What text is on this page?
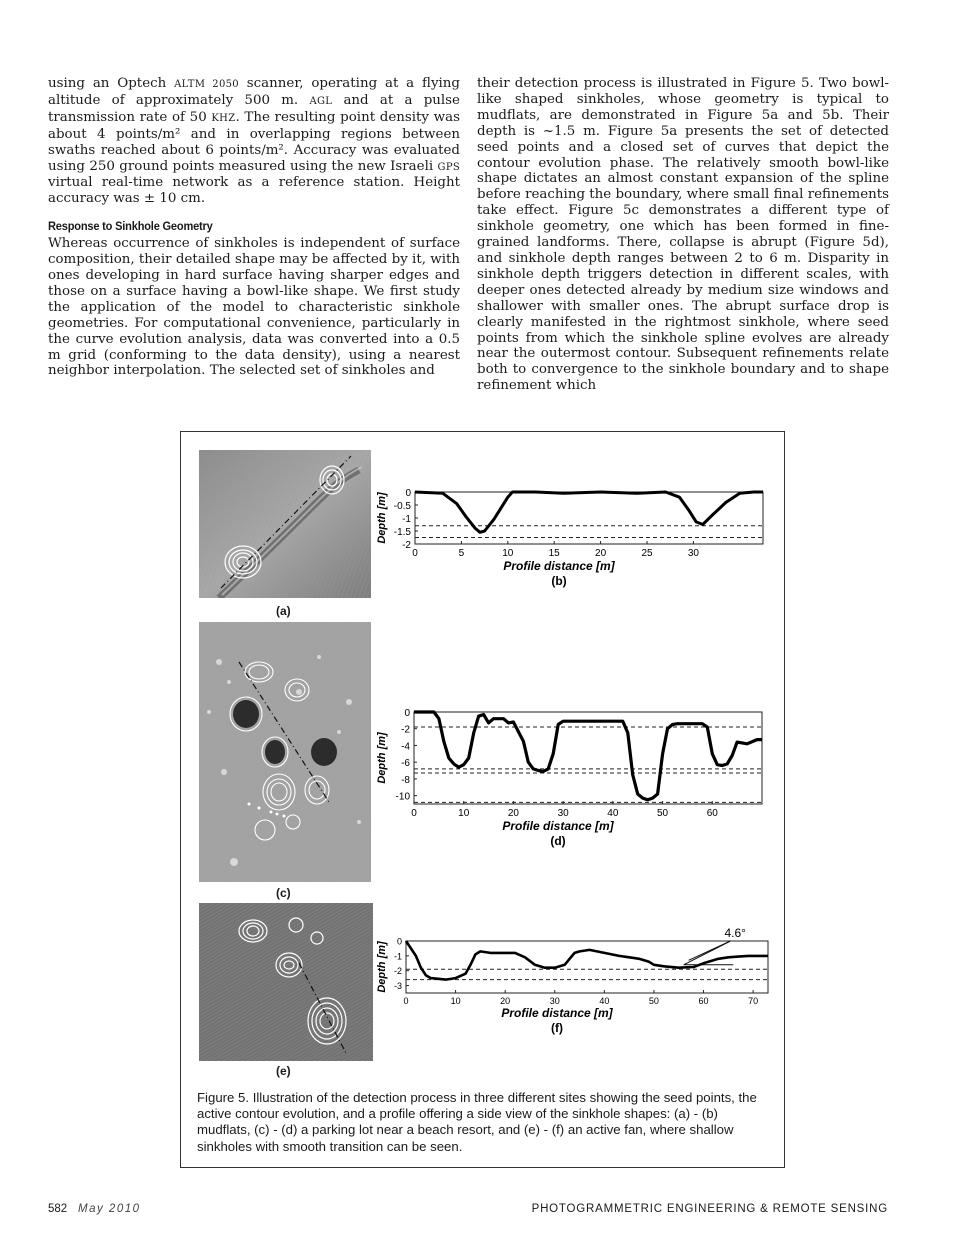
using an Optech ALTM 2050 scanner, operating at a flying altitude of approximately 500 m. AGL and at a pulse transmission rate of 50 KHZ. The resulting point density was about 4 points/m² and in overlapping regions between swaths reached about 6 points/m². Accuracy was evaluated using 250 ground points measured using the new Israeli GPS virtual real-time network as a reference station. Height accuracy was ± 10 cm.

Response to Sinkhole Geometry

Whereas occurrence of sinkholes is independent of surface composition, their detailed shape may be affected by it, with ones developing in hard surface having sharper edges and those on a surface having a bowl-like shape. We first study the application of the model to characteristic sinkhole geometries. For computational convenience, particularly in the curve evolution analysis, data was converted into a 0.5 m grid (conforming to the data density), using a nearest neighbor interpolation. The selected set of sinkholes and

their detection process is illustrated in Figure 5. Two bowl-like shaped sinkholes, whose geometry is typical to mudflats, are demonstrated in Figure 5a and 5b. Their depth is ~1.5 m. Figure 5a presents the set of detected seed points and a closed set of curves that depict the contour evolution phase. The relatively smooth bowl-like shape dictates an almost constant expansion of the spline before reaching the boundary, where small final refinements take effect. Figure 5c demonstrates a different type of sinkhole geometry, one which has been formed in fine-grained landforms. There, collapse is abrupt (Figure 5d), and sinkhole depth ranges between 2 to 6 m. Disparity in sinkhole depth triggers detection in different scales, with deeper ones detected already by medium size windows and shallower with smaller ones. The abrupt surface drop is clearly manifested in the rightmost sinkhole, where seed points from which the sinkhole spline evolves are already near the outermost contour. Subsequent refinements relate both to convergence to the sinkhole boundary and to shape refinement which

(a)
(c)
(e)
0	5	10	15	20	25	30
0
-0.5
-1
-1.5
-2
Profile distance [m]
Depth [m]
(b)
0	10	20	30	40	50	60
0
-2
-4
-6
-8
-10
Profile distance [m]
Depth [m]
(d)
0	10	20	30	40	50	60	70
0
-1
-2
-3
Profile distance [m]
Depth [m]
(f)
4.6°
Figure 5. Illustration of the detection process in three different sites showing the seed points, the active contour evolution, and a profile offering a side view of the sinkhole shapes: (a) - (b) mudflats, (c) - (d) a parking lot near a beach resort, and (e) - (f) an active fan, where shallow sinkholes with smooth transition can be seen.
582 May 2010	PHOTOGRAMMETRIC ENGINEERING & REMOTE SENSING
